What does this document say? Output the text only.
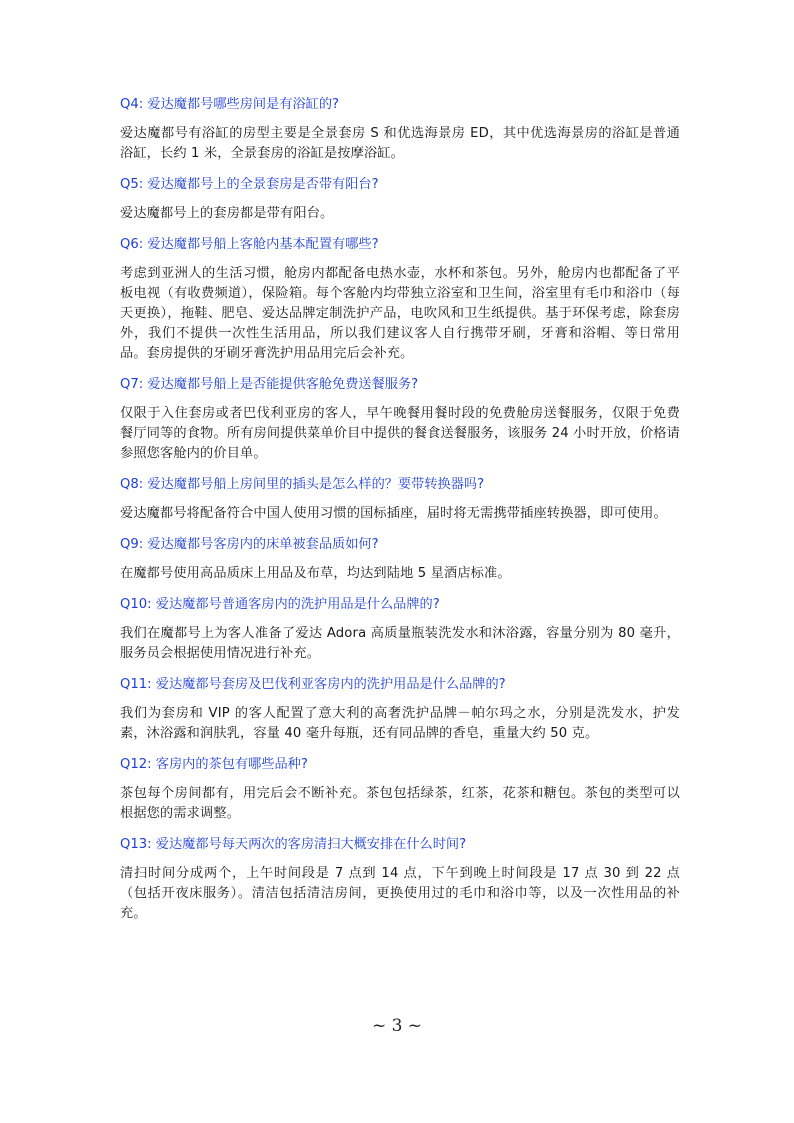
Q4: 爱达魔都号哪些房间是有浴缸的?

爱达魔都号有浴缸的房型主要是全景套房 S 和优选海景房 ED，其中优选海景房的浴缸是普通浴缸，长约 1 米，全景套房的浴缸是按摩浴缸。

Q5: 爱达魔都号上的全景套房是否带有阳台?

爱达魔都号上的套房都是带有阳台。

Q6: 爱达魔都号船上客舱内基本配置有哪些?

考虑到亚洲人的生活习惯，舱房内都配备电热水壶，水杯和茶包。另外，舱房内也都配备了平板电视（有收费频道），保险箱。每个客舱内均带独立浴室和卫生间，浴室里有毛巾和浴巾（每天更换），拖鞋、肥皂、爱达品牌定制洗护产品，电吹风和卫生纸提供。基于环保考虑，除套房外，我们不提供一次性生活用品，所以我们建议客人自行携带牙刷，牙膏和浴帽、等日常用品。套房提供的牙刷牙膏洗护用品用完后会补充。

Q7: 爱达魔都号船上是否能提供客舱免费送餐服务?

仅限于入住套房或者巴伐利亚房的客人，早午晚餐用餐时段的免费舱房送餐服务，仅限于免费餐厅同等的食物。所有房间提供菜单价目中提供的餐食送餐服务，该服务 24 小时开放，价格请参照您客舱内的价目单。

Q8: 爱达魔都号船上房间里的插头是怎么样的？要带转换器吗?

爱达魔都号将配备符合中国人使用习惯的国标插座，届时将无需携带插座转换器，即可使用。

Q9: 爱达魔都号客房内的床单被套品质如何?

在魔都号使用高品质床上用品及布草，均达到陆地 5 星酒店标准。

Q10: 爱达魔都号普通客房内的洗护用品是什么品牌的?

我们在魔都号上为客人准备了爱达 Adora 高质量瓶装洗发水和沐浴露，容量分别为 80 毫升，服务员会根据使用情况进行补充。

Q11: 爱达魔都号套房及巴伐利亚客房内的洗护用品是什么品牌的?

我们为套房和 VIP 的客人配置了意大利的高奢洗护品牌－帕尔玛之水，分别是洗发水，护发素，沐浴露和润肤乳，容量 40 毫升每瓶，还有同品牌的香皂，重量大约 50 克。

Q12: 客房内的茶包有哪些品种?

茶包每个房间都有，用完后会不断补充。茶包包括绿茶，红茶，花茶和糖包。茶包的类型可以根据您的需求调整。

Q13: 爱达魔都号每天两次的客房清扫大概安排在什么时间?

清扫时间分成两个，上午时间段是 7 点到 14 点，下午到晚上时间段是 17 点 30 到 22 点（包括开夜床服务）。清洁包括清洁房间，更换使用过的毛巾和浴巾等，以及一次性用品的补充。

~ 3 ~
